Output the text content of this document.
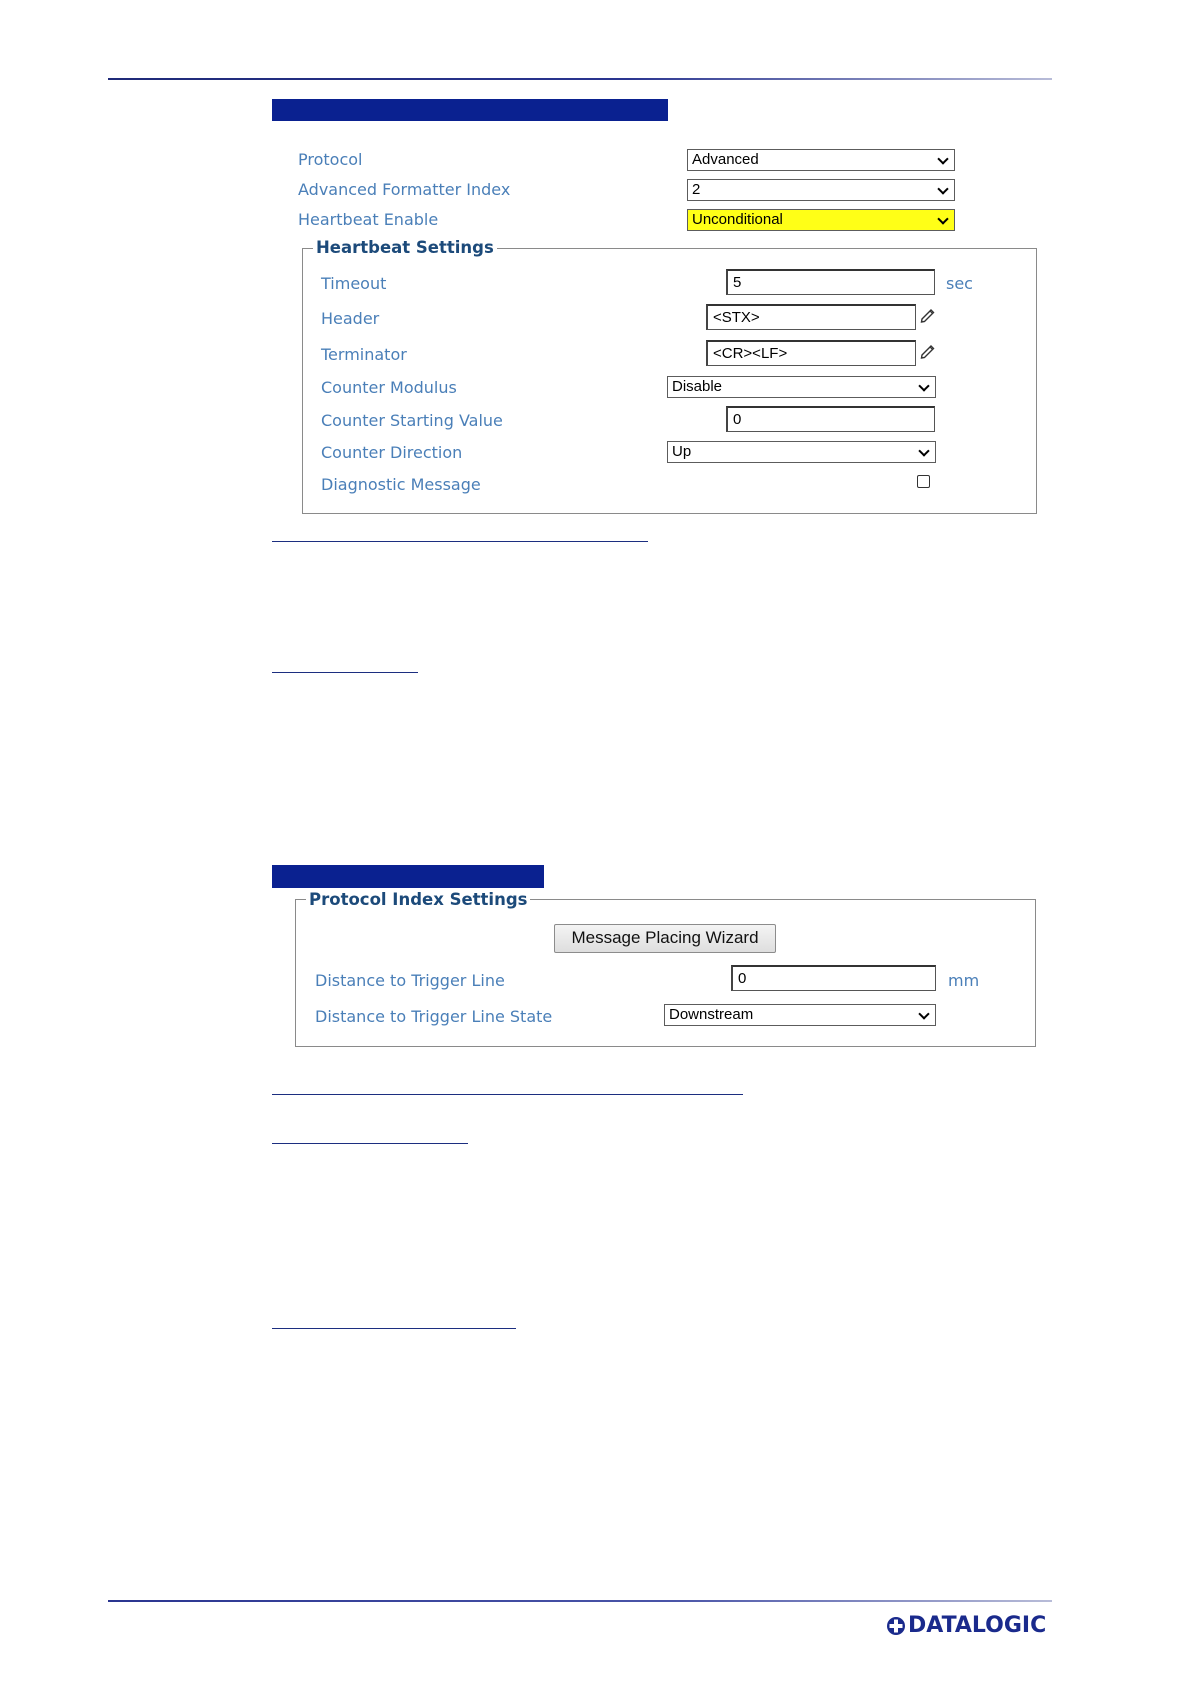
Protocol	Advanced
Advanced Formatter Index	2
Heartbeat Enable	Unconditional
Heartbeat Settings
Timeout	5	sec
Header	<STX>
Terminator	<CR><LF>
Counter Modulus	Disable
Counter Starting Value	0
Counter Direction	Up
Diagnostic Message
Protocol Index Settings
Message Placing Wizard
Distance to Trigger Line	0	mm
Distance to Trigger Line State	Downstream
DATALOGIC
